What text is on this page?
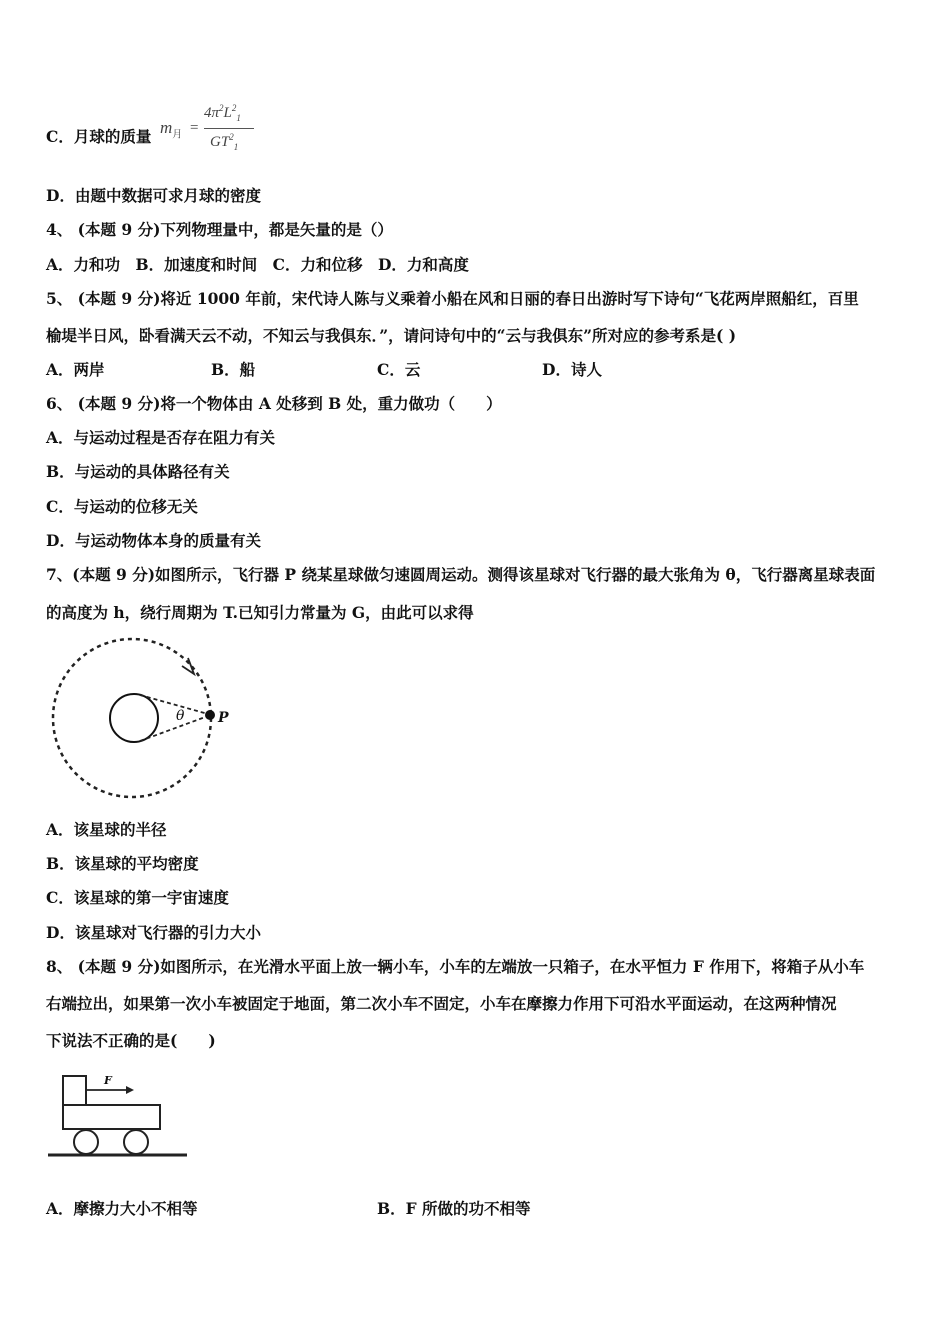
C．月球的质量 $m_月$ =
$4\pi^2L^2_1$
$GT^2_1$
D．由题中数据可求月球的密度
4、 (本题 9 分)下列物理量中，都是矢量的是（）
A．力和功　B．加速度和时间　C．力和位移　D．力和高度
5、 (本题 9 分)将近 1000 年前，宋代诗人陈与义乘着小船在风和日丽的春日出游时写下诗句“飞花两岸照船红，百里
榆堤半日风，卧看满天云不动，不知云与我俱东．”，请问诗句中的“云与我俱东”所对应的参考系是( )
A．两岸	B．船	C．云	D．诗人
6、 (本题 9 分)将一个物体由 A 处移到 B 处，重力做功（　　）
A．与运动过程是否存在阻力有关
B．与运动的具体路径有关
C．与运动的位移无关
D．与运动物体本身的质量有关
7、(本题 9 分)如图所示，飞行器 P 绕某星球做匀速圆周运动。测得该星球对飞行器的最大张角为 θ，飞行器离星球表面
的高度为 h，绕行周期为 T.已知引力常量为 G，由此可以求得
θ P
A．该星球的半径
B．该星球的平均密度
C．该星球的第一宇宙速度
D．该星球对飞行器的引力大小
8、 (本题 9 分)如图所示，在光滑水平面上放一辆小车，小车的左端放一只箱子，在水平恒力 F 作用下，将箱子从小车
右端拉出，如果第一次小车被固定于地面，第二次小车不固定，小车在摩擦力作用下可沿水平面运动，在这两种情况
下说法不正确的是(　　)
F
A．摩擦力大小不相等	B．F 所做的功不相等
